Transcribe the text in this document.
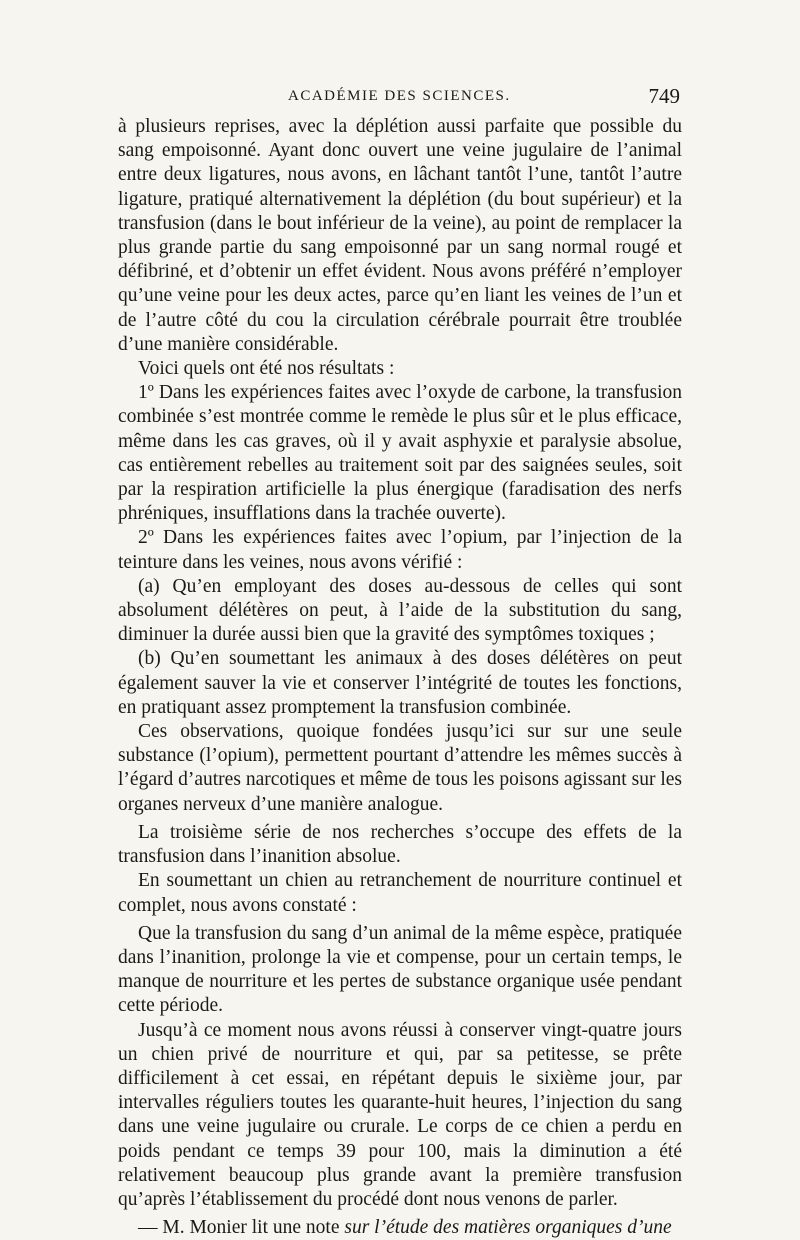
ACADÉMIE DES SCIENCES.	749

à plusieurs reprises, avec la déplétion aussi parfaite que possible du sang empoisonné. Ayant donc ouvert une veine jugulaire de l’animal entre deux ligatures, nous avons, en lâchant tantôt l’une, tantôt l’autre ligature, pratiqué alternativement la déplétion (du bout supérieur) et la transfusion (dans le bout inférieur de la veine), au point de remplacer la plus grande partie du sang empoisonné par un sang normal rougé et défibriné, et d’obtenir un effet évident. Nous avons préféré n’employer qu’une veine pour les deux actes, parce qu’en liant les veines de l’un et de l’autre côté du cou la circulation cérébrale pourrait être troublée d’une manière considérable.

Voici quels ont été nos résultats :

1º Dans les expériences faites avec l’oxyde de carbone, la transfusion combinée s’est montrée comme le remède le plus sûr et le plus efficace, même dans les cas graves, où il y avait asphyxie et paralysie absolue, cas entièrement rebelles au traitement soit par des saignées seules, soit par la respiration artificielle la plus énergique (faradisation des nerfs phréniques, insufflations dans la trachée ouverte).

2º Dans les expériences faites avec l’opium, par l’injection de la teinture dans les veines, nous avons vérifié :

(a) Qu’en employant des doses au-dessous de celles qui sont absolument délétères on peut, à l’aide de la substitution du sang, diminuer la durée aussi bien que la gravité des symptômes toxiques ;

(b) Qu’en soumettant les animaux à des doses délétères on peut également sauver la vie et conserver l’intégrité de toutes les fonctions, en pratiquant assez promptement la transfusion combinée.

Ces observations, quoique fondées jusqu’ici sur sur une seule substance (l’opium), permettent pourtant d’attendre les mêmes succès à l’égard d’autres narcotiques et même de tous les poisons agissant sur les organes nerveux d’une manière analogue.

La troisième série de nos recherches s’occupe des effets de la transfusion dans l’inanition absolue.

En soumettant un chien au retranchement de nourriture continuel et complet, nous avons constaté :

Que la transfusion du sang d’un animal de la même espèce, pratiquée dans l’inanition, prolonge la vie et compense, pour un certain temps, le manque de nourriture et les pertes de substance organique usée pendant cette période.

Jusqu’à ce moment nous avons réussi à conserver vingt-quatre jours un chien privé de nourriture et qui, par sa petitesse, se prête difficilement à cet essai, en répétant depuis le sixième jour, par intervalles réguliers toutes les quarante-huit heures, l’injection du sang dans une veine jugulaire ou crurale. Le corps de ce chien a perdu en poids pendant ce temps 39 pour 100, mais la diminution a été relativement beaucoup plus grande avant la première transfusion qu’après l’établissement du procédé dont nous venons de parler.

— M. Monier lit une note sur l’étude des matières organiques d’une
